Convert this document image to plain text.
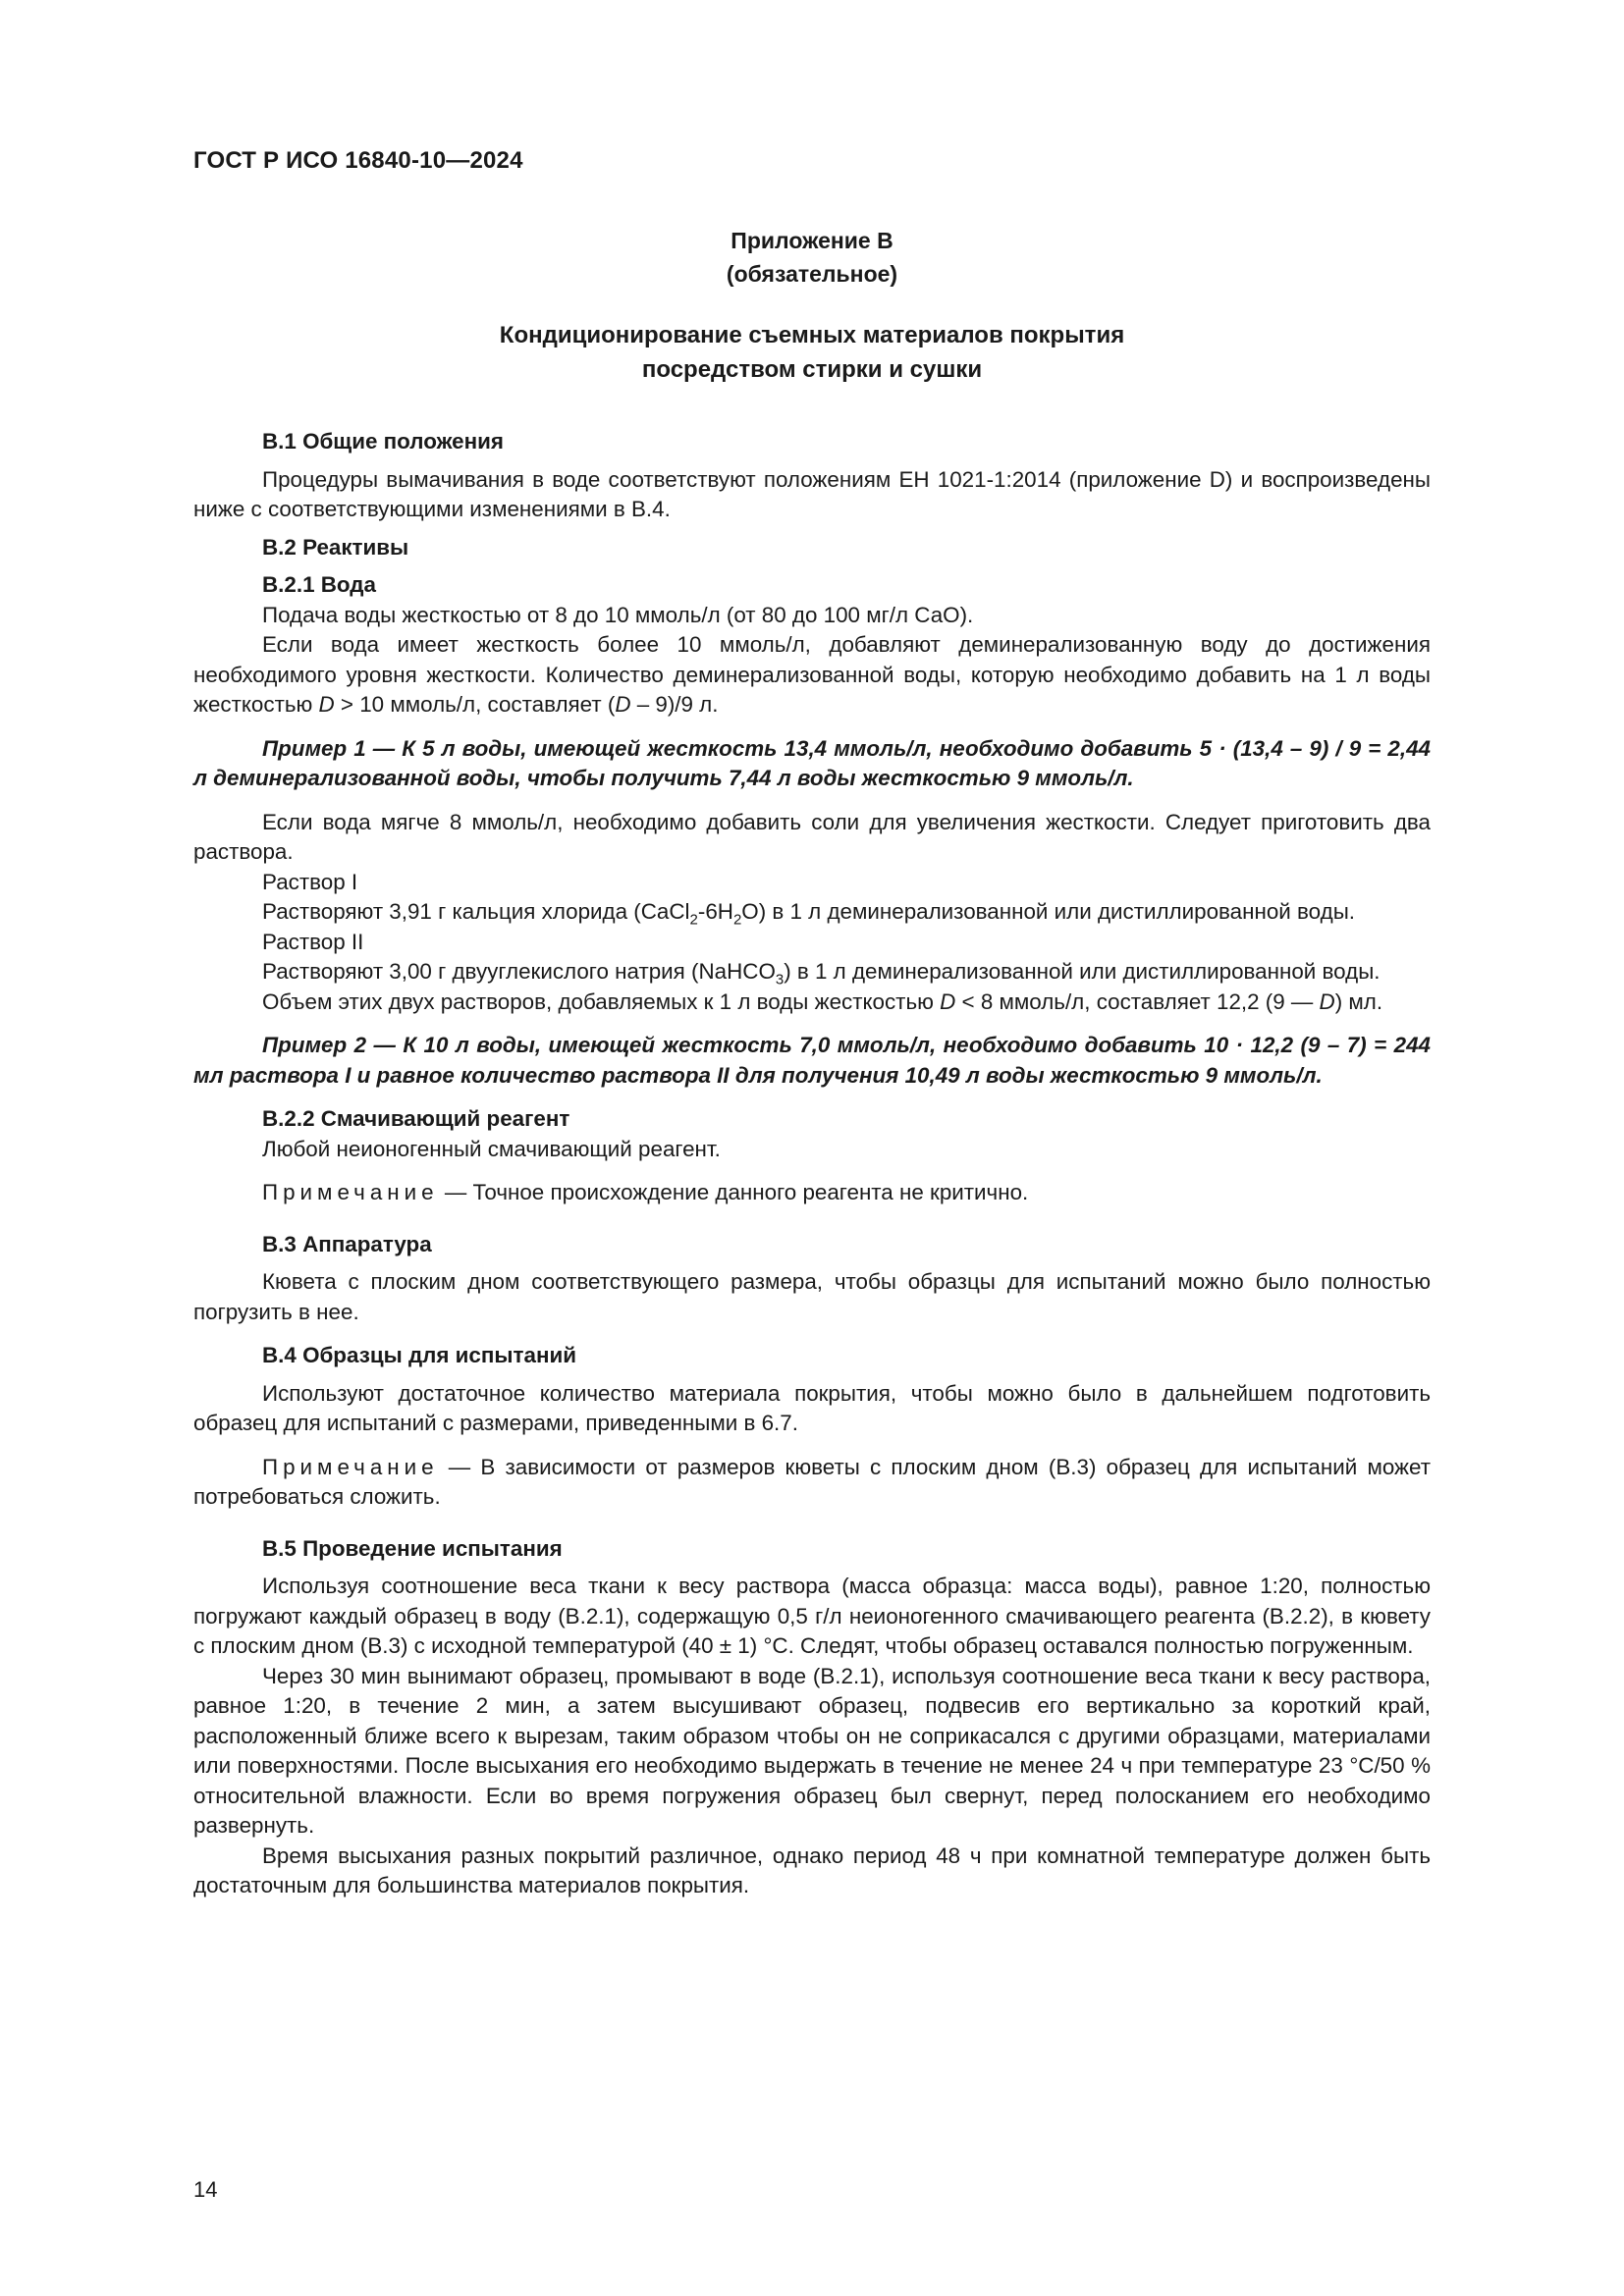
ГОСТ Р ИСО 16840-10—2024
Приложение В
(обязательное)
Кондиционирование съемных материалов покрытия
посредством стирки и сушки

В.1 Общие положения

Процедуры вымачивания в воде соответствуют положениям ЕН 1021-1:2014 (приложение D) и воспроизведены ниже с соответствующими изменениями в В.4.

В.2 Реактивы

В.2.1 Вода

Подача воды жесткостью от 8 до 10 ммоль/л (от 80 до 100 мг/л СаО).

Если вода имеет жесткость более 10 ммоль/л, добавляют деминерализованную воду до достижения необходимого уровня жесткости. Количество деминерализованной воды, которую необходимо добавить на 1 л воды жесткостью D > 10 ммоль/л, составляет (D – 9)/9 л.

Пример 1 — К 5 л воды, имеющей жесткость 13,4 ммоль/л, необходимо добавить 5 · (13,4 – 9) / 9 = 2,44 л деминерализованной воды, чтобы получить 7,44 л воды жесткостью 9 ммоль/л.

Если вода мягче 8 ммоль/л, необходимо добавить соли для увеличения жесткости. Следует приготовить два раствора.

Раствор I

Растворяют 3,91 г кальция хлорида $(CaCl_2-6H_2O)$ в 1 л деминерализованной или дистиллированной воды.

Раствор II

Растворяют 3,00 г двууглекислого натрия (NaHCO$_3$) в 1 л деминерализованной или дистиллированной воды.

Объем этих двух растворов, добавляемых к 1 л воды жесткостью D < 8 ммоль/л, составляет 12,2 (9 — D) мл.

Пример 2 — К 10 л воды, имеющей жесткость 7,0 ммоль/л, необходимо добавить 10 · 12,2 (9 – 7) = 244 мл раствора I и равное количество раствора II для получения 10,49 л воды жесткостью 9 ммоль/л.

В.2.2 Смачивающий реагент

Любой неионогенный смачивающий реагент.

Примечание — Точное происхождение данного реагента не критично.

В.3 Аппаратура

Кювета с плоским дном соответствующего размера, чтобы образцы для испытаний можно было полностью погрузить в нее.

В.4 Образцы для испытаний

Используют достаточное количество материала покрытия, чтобы можно было в дальнейшем подготовить образец для испытаний с размерами, приведенными в 6.7.

Примечание — В зависимости от размеров кюветы с плоским дном (В.3) образец для испытаний может потребоваться сложить.

В.5 Проведение испытания

Используя соотношение веса ткани к весу раствора (масса образца: масса воды), равное 1:20, полностью погружают каждый образец в воду (В.2.1), содержащую 0,5 г/л неионогенного смачивающего реагента (В.2.2), в кювету с плоским дном (В.3) с исходной температурой (40 ± 1) °С. Следят, чтобы образец оставался полностью погруженным.

Через 30 мин вынимают образец, промывают в воде (В.2.1), используя соотношение веса ткани к весу раствора, равное 1:20, в течение 2 мин, а затем высушивают образец, подвесив его вертикально за короткий край, расположенный ближе всего к вырезам, таким образом чтобы он не соприкасался с другими образцами, материалами или поверхностями. После высыхания его необходимо выдержать в течение не менее 24 ч при температуре 23 °С/50 % относительной влажности. Если во время погружения образец был свернут, перед полосканием его необходимо развернуть.

Время высыхания разных покрытий различное, однако период 48 ч при комнатной температуре должен быть достаточным для большинства материалов покрытия.

14
